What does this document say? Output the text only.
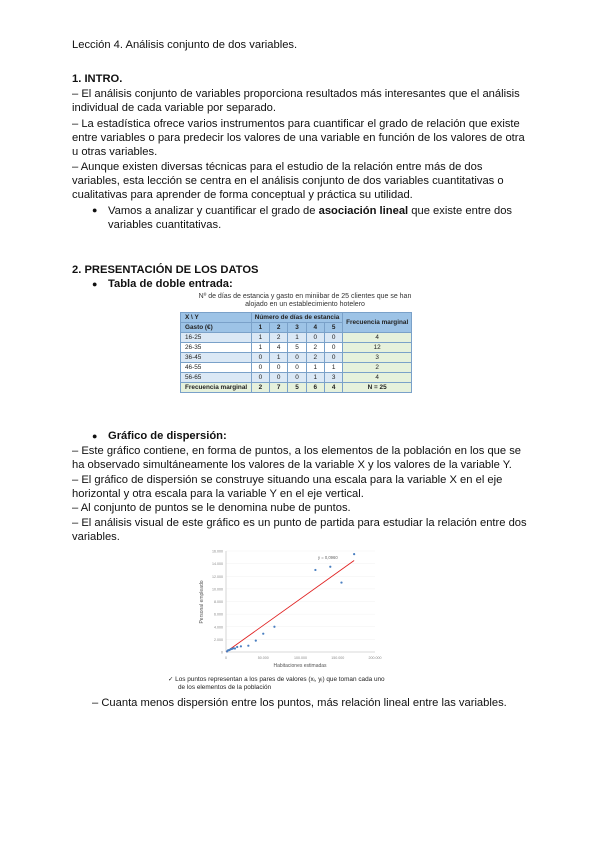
Lección 4. Análisis conjunto de dos variables.
1. INTRO.
– El análisis conjunto de variables proporciona resultados más interesantes que el análisis
individual de cada variable por separado.
– La estadística ofrece varios instrumentos para cuantificar el grado de relación que existe
entre variables o para predecir los valores de una variable en función de los valores de otra
u otras variables.
– Aunque existen diversas técnicas para el estudio de la relación entre más de dos
variables, esta lección se centra en el análisis conjunto de dos variables cuantitativas o
cualitativas para aprender de forma conceptual y práctica su utilidad.
● Vamos a analizar y cuantificar el grado de asociación lineal que existe entre dos
variables cuantitativas.
2. PRESENTACIÓN DE LOS DATOS
● Tabla de doble entrada:
Nº de días de estancia y gasto en miniibar de 25 clientes que se han
alojado en un establecimiento hotelero
X \ Y	Número de días de estancia					Frecuencia marginal
Gasto (€)	1	2	3	4	5	
16-25	1	2	1	0	0	4
26-35	1	4	5	2	0	12
36-45	0	1	0	2	0	3
46-55	0	0	0	1	1	2
56-65	0	0	0	1	3	4
Frecuencia marginal	2	7	5	6	4	N = 25
● Gráfico de dispersión:
– Este gráfico contiene, en forma de puntos, a los elementos de la población en los que se
ha observado simultáneamente los valores de la variable X y los valores de la variable Y.
– El gráfico de dispersión se construye situando una escala para la variable X en el eje
horizontal y otra escala para la variable Y en el eje vertical.
– Al conjunto de puntos se le denomina nube de puntos.
– El análisis visual de este gráfico es un punto de partida para estudiar la relación entre dos
variables.
0
2.000
4.000
6.000
8.000
10.000
12.000
14.000
16.000
0	50.000	100.000	150.000	200.000
y = 0,0960
Personal empleado
Habitaciones estimadas
✓ Los puntos representan a los pares de valores (xᵢ, yᵢ) que toman cada uno
de los elementos de la población
– Cuanta menos dispersión entre los puntos, más relación lineal entre las variables.
